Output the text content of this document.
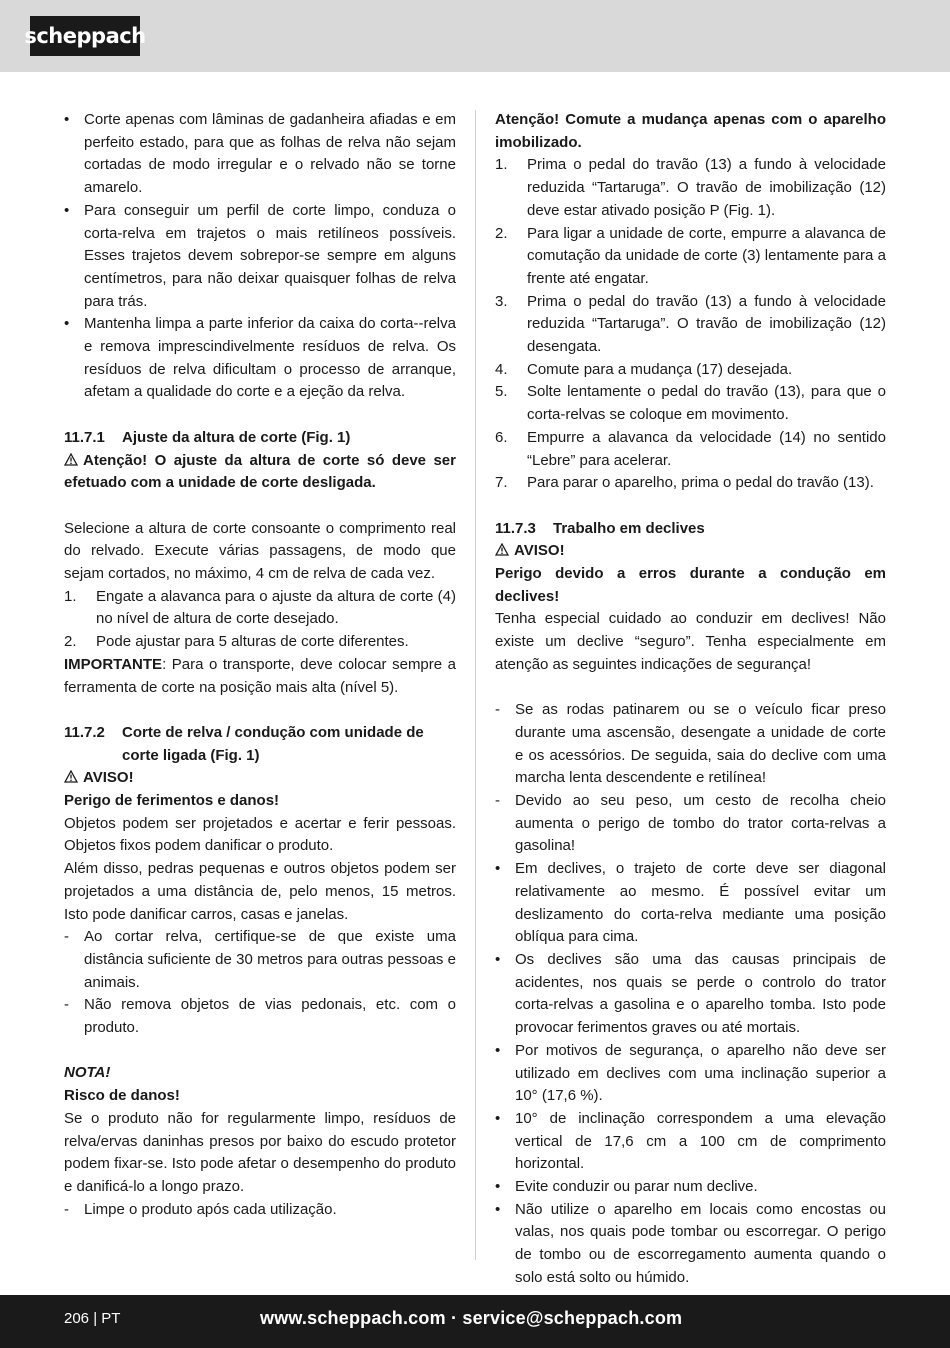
scheppach
• Corte apenas com lâminas de gadanheira afiadas e em perfeito estado, para que as folhas de relva não sejam cortadas de modo irregular e o relvado não se torne amarelo.
• Para conseguir um perfil de corte limpo, conduza o corta-relva em trajetos o mais retilíneos possíveis. Esses trajetos devem sobrepor-se sempre em alguns centímetros, para não deixar quaisquer folhas de relva para trás.
• Mantenha limpa a parte inferior da caixa do corta--relva e remova imprescindivelmente resíduos de relva. Os resíduos de relva dificultam o processo de arranque, afetam a qualidade do corte e a ejeção da relva.
11.7.1 Ajuste da altura de corte (Fig. 1)

Atenção! O ajuste da altura de corte só deve ser efetuado com a unidade de corte desligada.

Selecione a altura de corte consoante o comprimento real do relvado. Execute várias passagens, de modo que sejam cortados, no máximo, 4 cm de relva de cada vez.

1. Engate a alavanca para o ajuste da altura de corte (4) no nível de altura de corte desejado.
2. Pode ajustar para 5 alturas de corte diferentes.

IMPORTANTE: Para o transporte, deve colocar sempre a ferramenta de corte na posição mais alta (nível 5).

11.7.2 Corte de relva / condução com unidade de corte ligada (Fig. 1)

AVISO!

Perigo de ferimentos e danos!

Objetos podem ser projetados e acertar e ferir pessoas. Objetos fixos podem danificar o produto.

Além disso, pedras pequenas e outros objetos podem ser projetados a uma distância de, pelo menos, 15 metros. Isto pode danificar carros, casas e janelas.

- Ao cortar relva, certifique-se de que existe uma distância suficiente de 30 metros para outras pessoas e animais.
- Não remova objetos de vias pedonais, etc. com o produto.

NOTA!

Risco de danos!

Se o produto não for regularmente limpo, resíduos de relva/ervas daninhas presos por baixo do escudo protetor podem fixar-se. Isto pode afetar o desempenho do produto e danificá-lo a longo prazo.

- Limpe o produto após cada utilização.

Atenção! Comute a mudança apenas com o aparelho imobilizado.

1. Prima o pedal do travão (13) a fundo à velocidade reduzida “Tartaruga”. O travão de imobilização (12) deve estar ativado posição P (Fig. 1).
2. Para ligar a unidade de corte, empurre a alavanca de comutação da unidade de corte (3) lentamente para a frente até engatar.
3. Prima o pedal do travão (13) a fundo à velocidade reduzida “Tartaruga”. O travão de imobilização (12) desengata.
4. Comute para a mudança (17) desejada.
5. Solte lentamente o pedal do travão (13), para que o corta-relvas se coloque em movimento.
6. Empurre a alavanca da velocidade (14) no sentido “Lebre” para acelerar.
7. Para parar o aparelho, prima o pedal do travão (13).
11.7.3 Trabalho em declives

AVISO!

Perigo devido a erros durante a condução em declives!

Tenha especial cuidado ao conduzir em declives! Não existe um declive “seguro”. Tenha especialmente em atenção as seguintes indicações de segurança!

- Se as rodas patinarem ou se o veículo ficar preso durante uma ascensão, desengate a unidade de corte e os acessórios. De seguida, saia do declive com uma marcha lenta descendente e retilínea!
- Devido ao seu peso, um cesto de recolha cheio aumenta o perigo de tombo do trator corta-relvas a gasolina!
• Em declives, o trajeto de corte deve ser diagonal relativamente ao mesmo. É possível evitar um deslizamento do corta-relva mediante uma posição oblíqua para cima.
• Os declives são uma das causas principais de acidentes, nos quais se perde o controlo do trator corta-relvas a gasolina e o aparelho tomba. Isto pode provocar ferimentos graves ou até mortais.
• Por motivos de segurança, o aparelho não deve ser utilizado em declives com uma inclinação superior a 10° (17,6 %).
• 10° de inclinação correspondem a uma elevação vertical de 17,6 cm a 100 cm de comprimento horizontal.
• Evite conduzir ou parar num declive.
• Não utilize o aparelho em locais como encostas ou valas, nos quais pode tombar ou escorregar. O perigo de tombo ou de escorregamento aumenta quando o solo está solto ou húmido.
206 | PT	www.scheppach.com · service@scheppach.com
